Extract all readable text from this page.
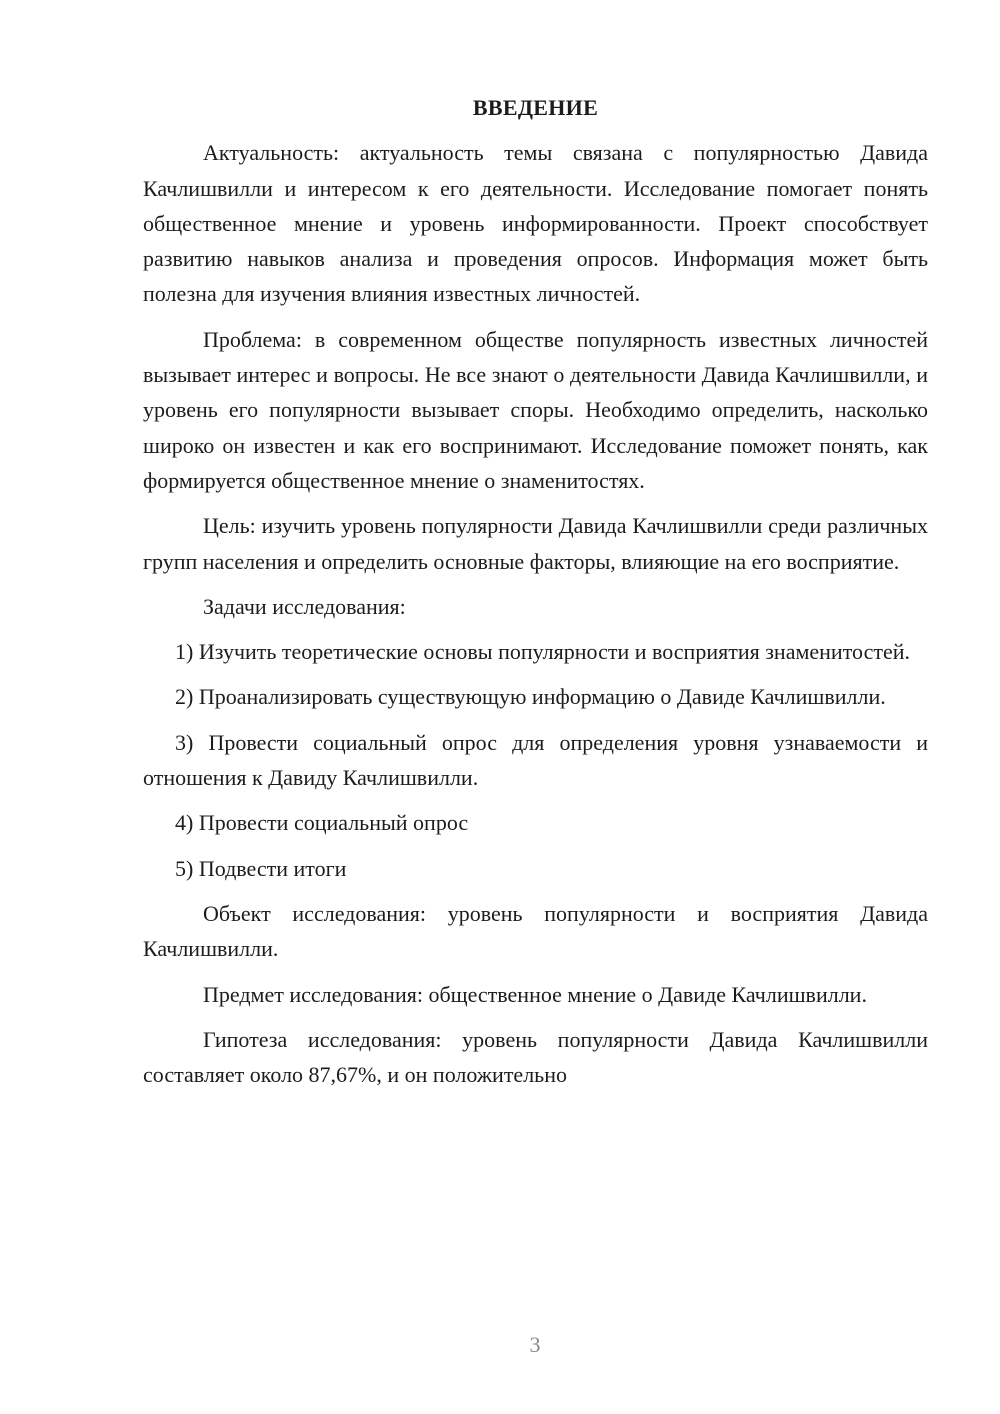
ВВЕДЕНИЕ

Актуальность: актуальность темы связана с популярностью Давида Качлишвилли и интересом к его деятельности. Исследование помогает понять общественное мнение и уровень информированности. Проект способствует развитию навыков анализа и проведения опросов. Информация может быть полезна для изучения влияния известных личностей.

Проблема: в современном обществе популярность известных личностей вызывает интерес и вопросы. Не все знают о деятельности Давида Качлишвилли, и уровень его популярности вызывает споры. Необходимо определить, насколько широко он известен и как его воспринимают. Исследование поможет понять, как формируется общественное мнение о знаменитостях.

Цель: изучить уровень популярности Давида Качлишвилли среди различных групп населения и определить основные факторы, влияющие на его восприятие.

Задачи исследования:

1) Изучить теоретические основы популярности и восприятия знаменитостей.

2) Проанализировать существующую информацию о Давиде Качлишвилли.

3) Провести социальный опрос для определения уровня узнаваемости и отношения к Давиду Качлишвилли.

4) Провести социальный опрос

5) Подвести итоги

Объект исследования: уровень популярности и восприятия Давида Качлишвилли.

Предмет исследования: общественное мнение о Давиде Качлишвилли.

Гипотеза исследования: уровень популярности Давида Качлишвилли составляет около 87,67%, и он положительно

3
